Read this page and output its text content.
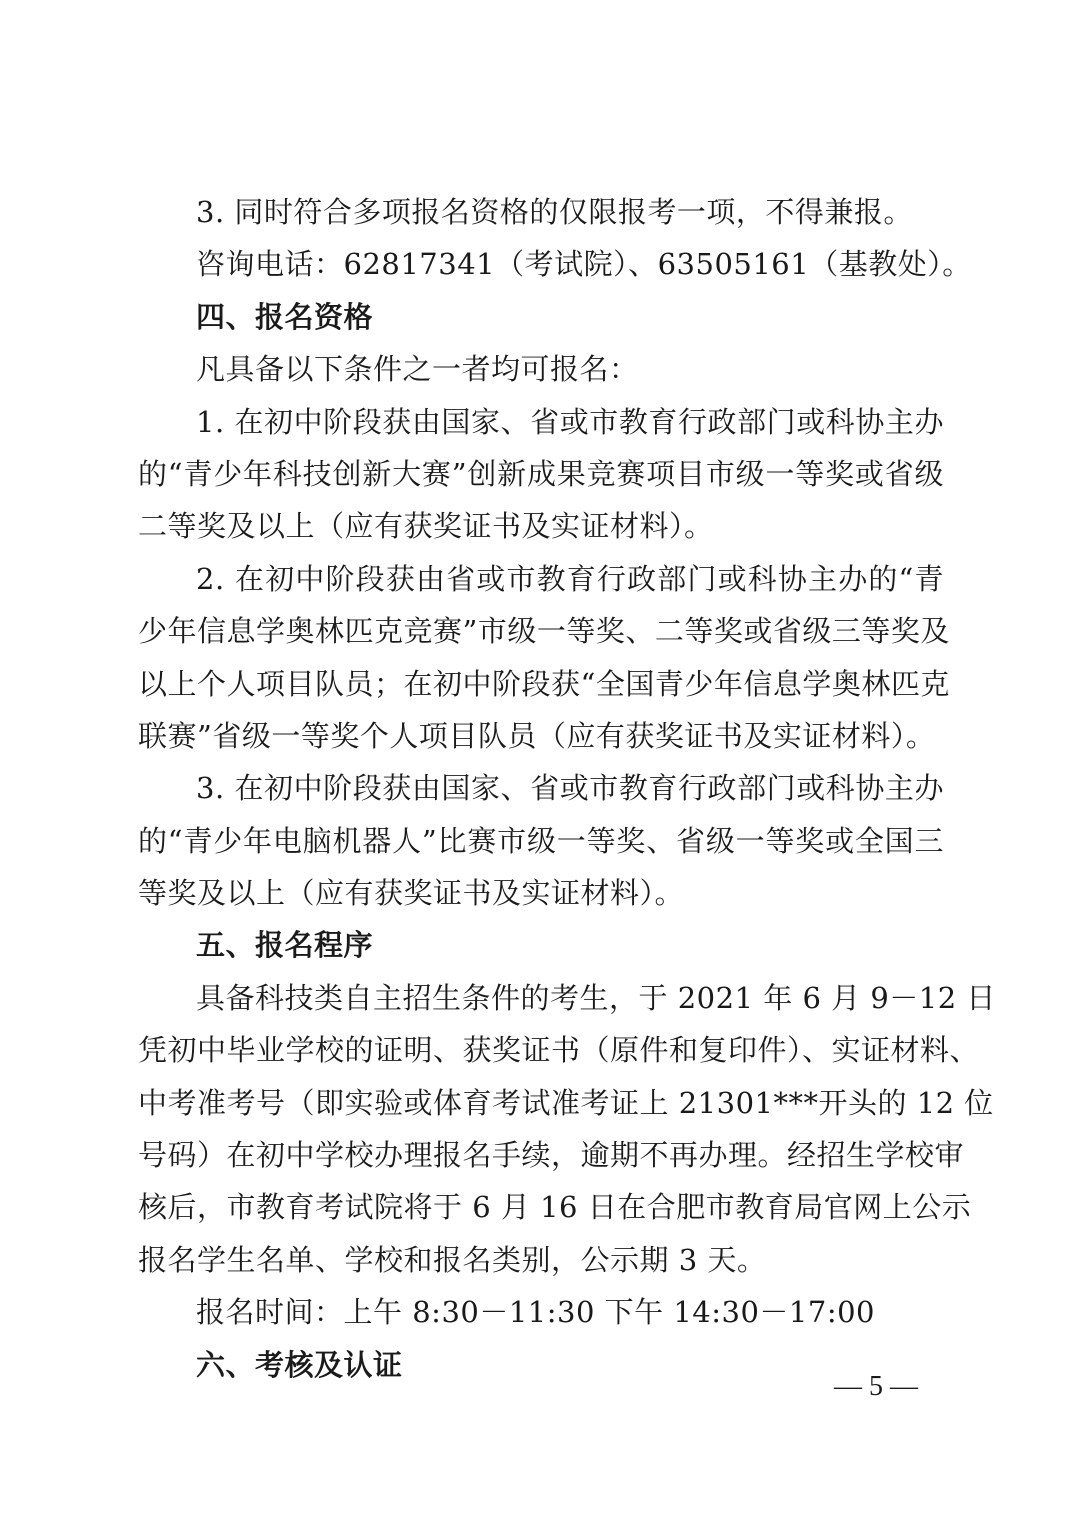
3. 同时符合多项报名资格的仅限报考一项，不得兼报。
咨询电话：62817341（考试院）、63505161（基教处）。
四、报名资格
凡具备以下条件之一者均可报名：
1. 在初中阶段获由国家、省或市教育行政部门或科协主办
的“青少年科技创新大赛”创新成果竞赛项目市级一等奖或省级
二等奖及以上（应有获奖证书及实证材料）。
2. 在初中阶段获由省或市教育行政部门或科协主办的“青
少年信息学奥林匹克竞赛”市级一等奖、二等奖或省级三等奖及
以上个人项目队员；在初中阶段获“全国青少年信息学奥林匹克
联赛”省级一等奖个人项目队员（应有获奖证书及实证材料）。
3. 在初中阶段获由国家、省或市教育行政部门或科协主办
的“青少年电脑机器人”比赛市级一等奖、省级一等奖或全国三
等奖及以上（应有获奖证书及实证材料）。
五、报名程序
具备科技类自主招生条件的考生，于 2021 年 6 月 9－12 日
凭初中毕业学校的证明、获奖证书（原件和复印件）、实证材料、
中考准考号（即实验或体育考试准考证上 21301***开头的 12 位
号码）在初中学校办理报名手续，逾期不再办理。经招生学校审
核后，市教育考试院将于 6 月 16 日在合肥市教育局官网上公示
报名学生名单、学校和报名类别，公示期 3 天。
报名时间：上午 8:30－11:30 下午 14:30－17:00
六、考核及认证
— 5 —
